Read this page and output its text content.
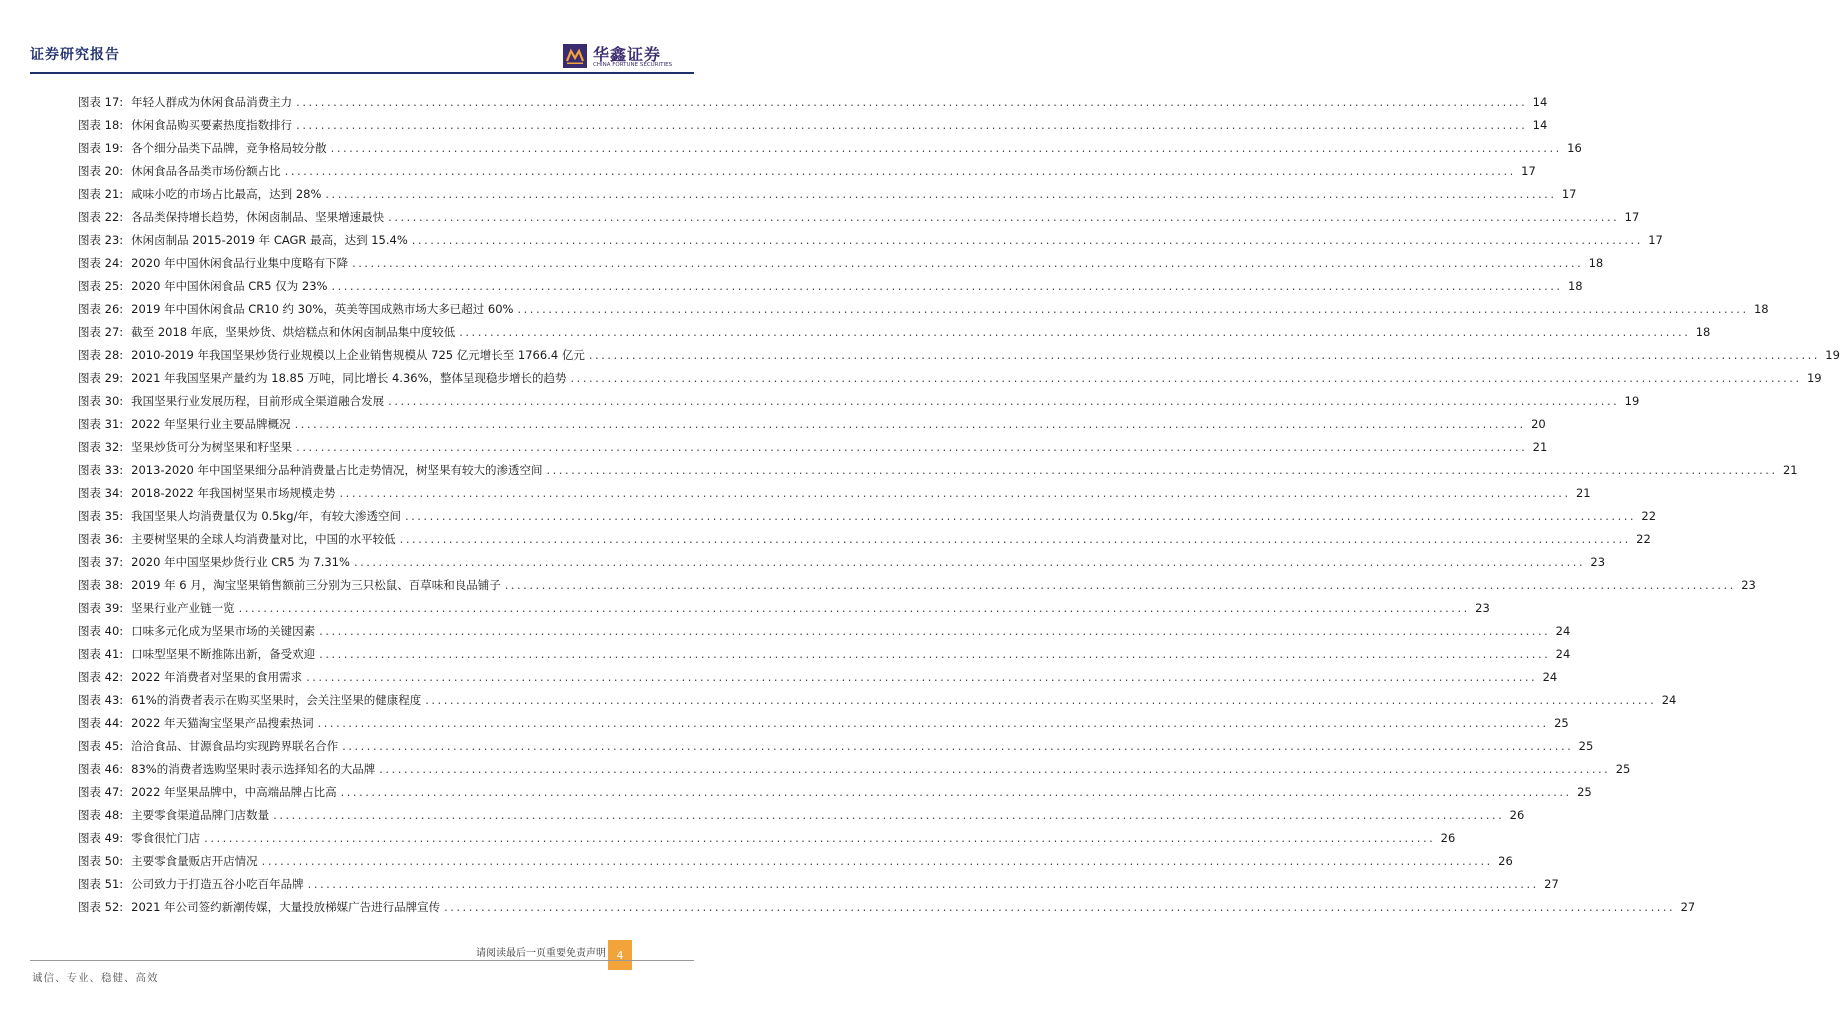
证券研究报告	华鑫证券
CHINA FORTUNE SECURITIES
图表 17: 年轻人群成为休闲食品消费主力 ........................................................................................................................................................................................................ 14
图表 18: 休闲食品购买要素热度指数排行 ........................................................................................................................................................................................................ 14
图表 19: 各个细分品类下品牌，竞争格局较分散 ........................................................................................................................................................................................................ 16
图表 20: 休闲食品各品类市场份额占比 ........................................................................................................................................................................................................ 17
图表 21: 咸味小吃的市场占比最高，达到 28% ........................................................................................................................................................................................................ 17
图表 22: 各品类保持增长趋势，休闲卤制品、坚果增速最快 ........................................................................................................................................................................................................ 17
图表 23: 休闲卤制品 2015-2019 年 CAGR 最高，达到 15.4% ........................................................................................................................................................................................................ 17
图表 24: 2020 年中国休闲食品行业集中度略有下降 ........................................................................................................................................................................................................ 18
图表 25: 2020 年中国休闲食品 CR5 仅为 23% ........................................................................................................................................................................................................ 18
图表 26: 2019 年中国休闲食品 CR10 约 30%，英美等国成熟市场大多已超过 60% ........................................................................................................................................................................................................ 18
图表 27: 截至 2018 年底，坚果炒货、烘焙糕点和休闲卤制品集中度较低 ........................................................................................................................................................................................................ 18
图表 28: 2010-2019 年我国坚果炒货行业规模以上企业销售规模从 725 亿元增长至 1766.4 亿元 ........................................................................................................................................................................................................ 19
图表 29: 2021 年我国坚果产量约为 18.85 万吨，同比增长 4.36%，整体呈现稳步增长的趋势 ........................................................................................................................................................................................................ 19
图表 30: 我国坚果行业发展历程，目前形成全渠道融合发展 ........................................................................................................................................................................................................ 19
图表 31: 2022 年坚果行业主要品牌概况 ........................................................................................................................................................................................................ 20
图表 32: 坚果炒货可分为树坚果和籽坚果 ........................................................................................................................................................................................................ 21
图表 33: 2013-2020 年中国坚果细分品种消费量占比走势情况，树坚果有较大的渗透空间 ........................................................................................................................................................................................................ 21
图表 34: 2018-2022 年我国树坚果市场规模走势 ........................................................................................................................................................................................................ 21
图表 35: 我国坚果人均消费量仅为 0.5kg/年，有较大渗透空间 ........................................................................................................................................................................................................ 22
图表 36: 主要树坚果的全球人均消费量对比，中国的水平较低 ........................................................................................................................................................................................................ 22
图表 37: 2020 年中国坚果炒货行业 CR5 为 7.31% ........................................................................................................................................................................................................ 23
图表 38: 2019 年 6 月，淘宝坚果销售额前三分别为三只松鼠、百草味和良品铺子 ........................................................................................................................................................................................................ 23
图表 39: 坚果行业产业链一览 ........................................................................................................................................................................................................ 23
图表 40: 口味多元化成为坚果市场的关键因素 ........................................................................................................................................................................................................ 24
图表 41: 口味型坚果不断推陈出新，备受欢迎 ........................................................................................................................................................................................................ 24
图表 42: 2022 年消费者对坚果的食用需求 ........................................................................................................................................................................................................ 24
图表 43: 61%的消费者表示在购买坚果时，会关注坚果的健康程度 ........................................................................................................................................................................................................ 24
图表 44: 2022 年天猫淘宝坚果产品搜索热词 ........................................................................................................................................................................................................ 25
图表 45: 洽洽食品、甘源食品均实现跨界联名合作 ........................................................................................................................................................................................................ 25
图表 46: 83%的消费者选购坚果时表示选择知名的大品牌 ........................................................................................................................................................................................................ 25
图表 47: 2022 年坚果品牌中，中高端品牌占比高 ........................................................................................................................................................................................................ 25
图表 48: 主要零食渠道品牌门店数量 ........................................................................................................................................................................................................ 26
图表 49: 零食很忙门店 ........................................................................................................................................................................................................ 26
图表 50: 主要零食量贩店开店情况 ........................................................................................................................................................................................................ 26
图表 51: 公司致力于打造五谷小吃百年品牌 ........................................................................................................................................................................................................ 27
图表 52: 2021 年公司签约新潮传媒，大量投放梯媒广告进行品牌宣传 ........................................................................................................................................................................................................ 27
请阅读最后一页重要免责声明 4
诚信、专业、稳健、高效
